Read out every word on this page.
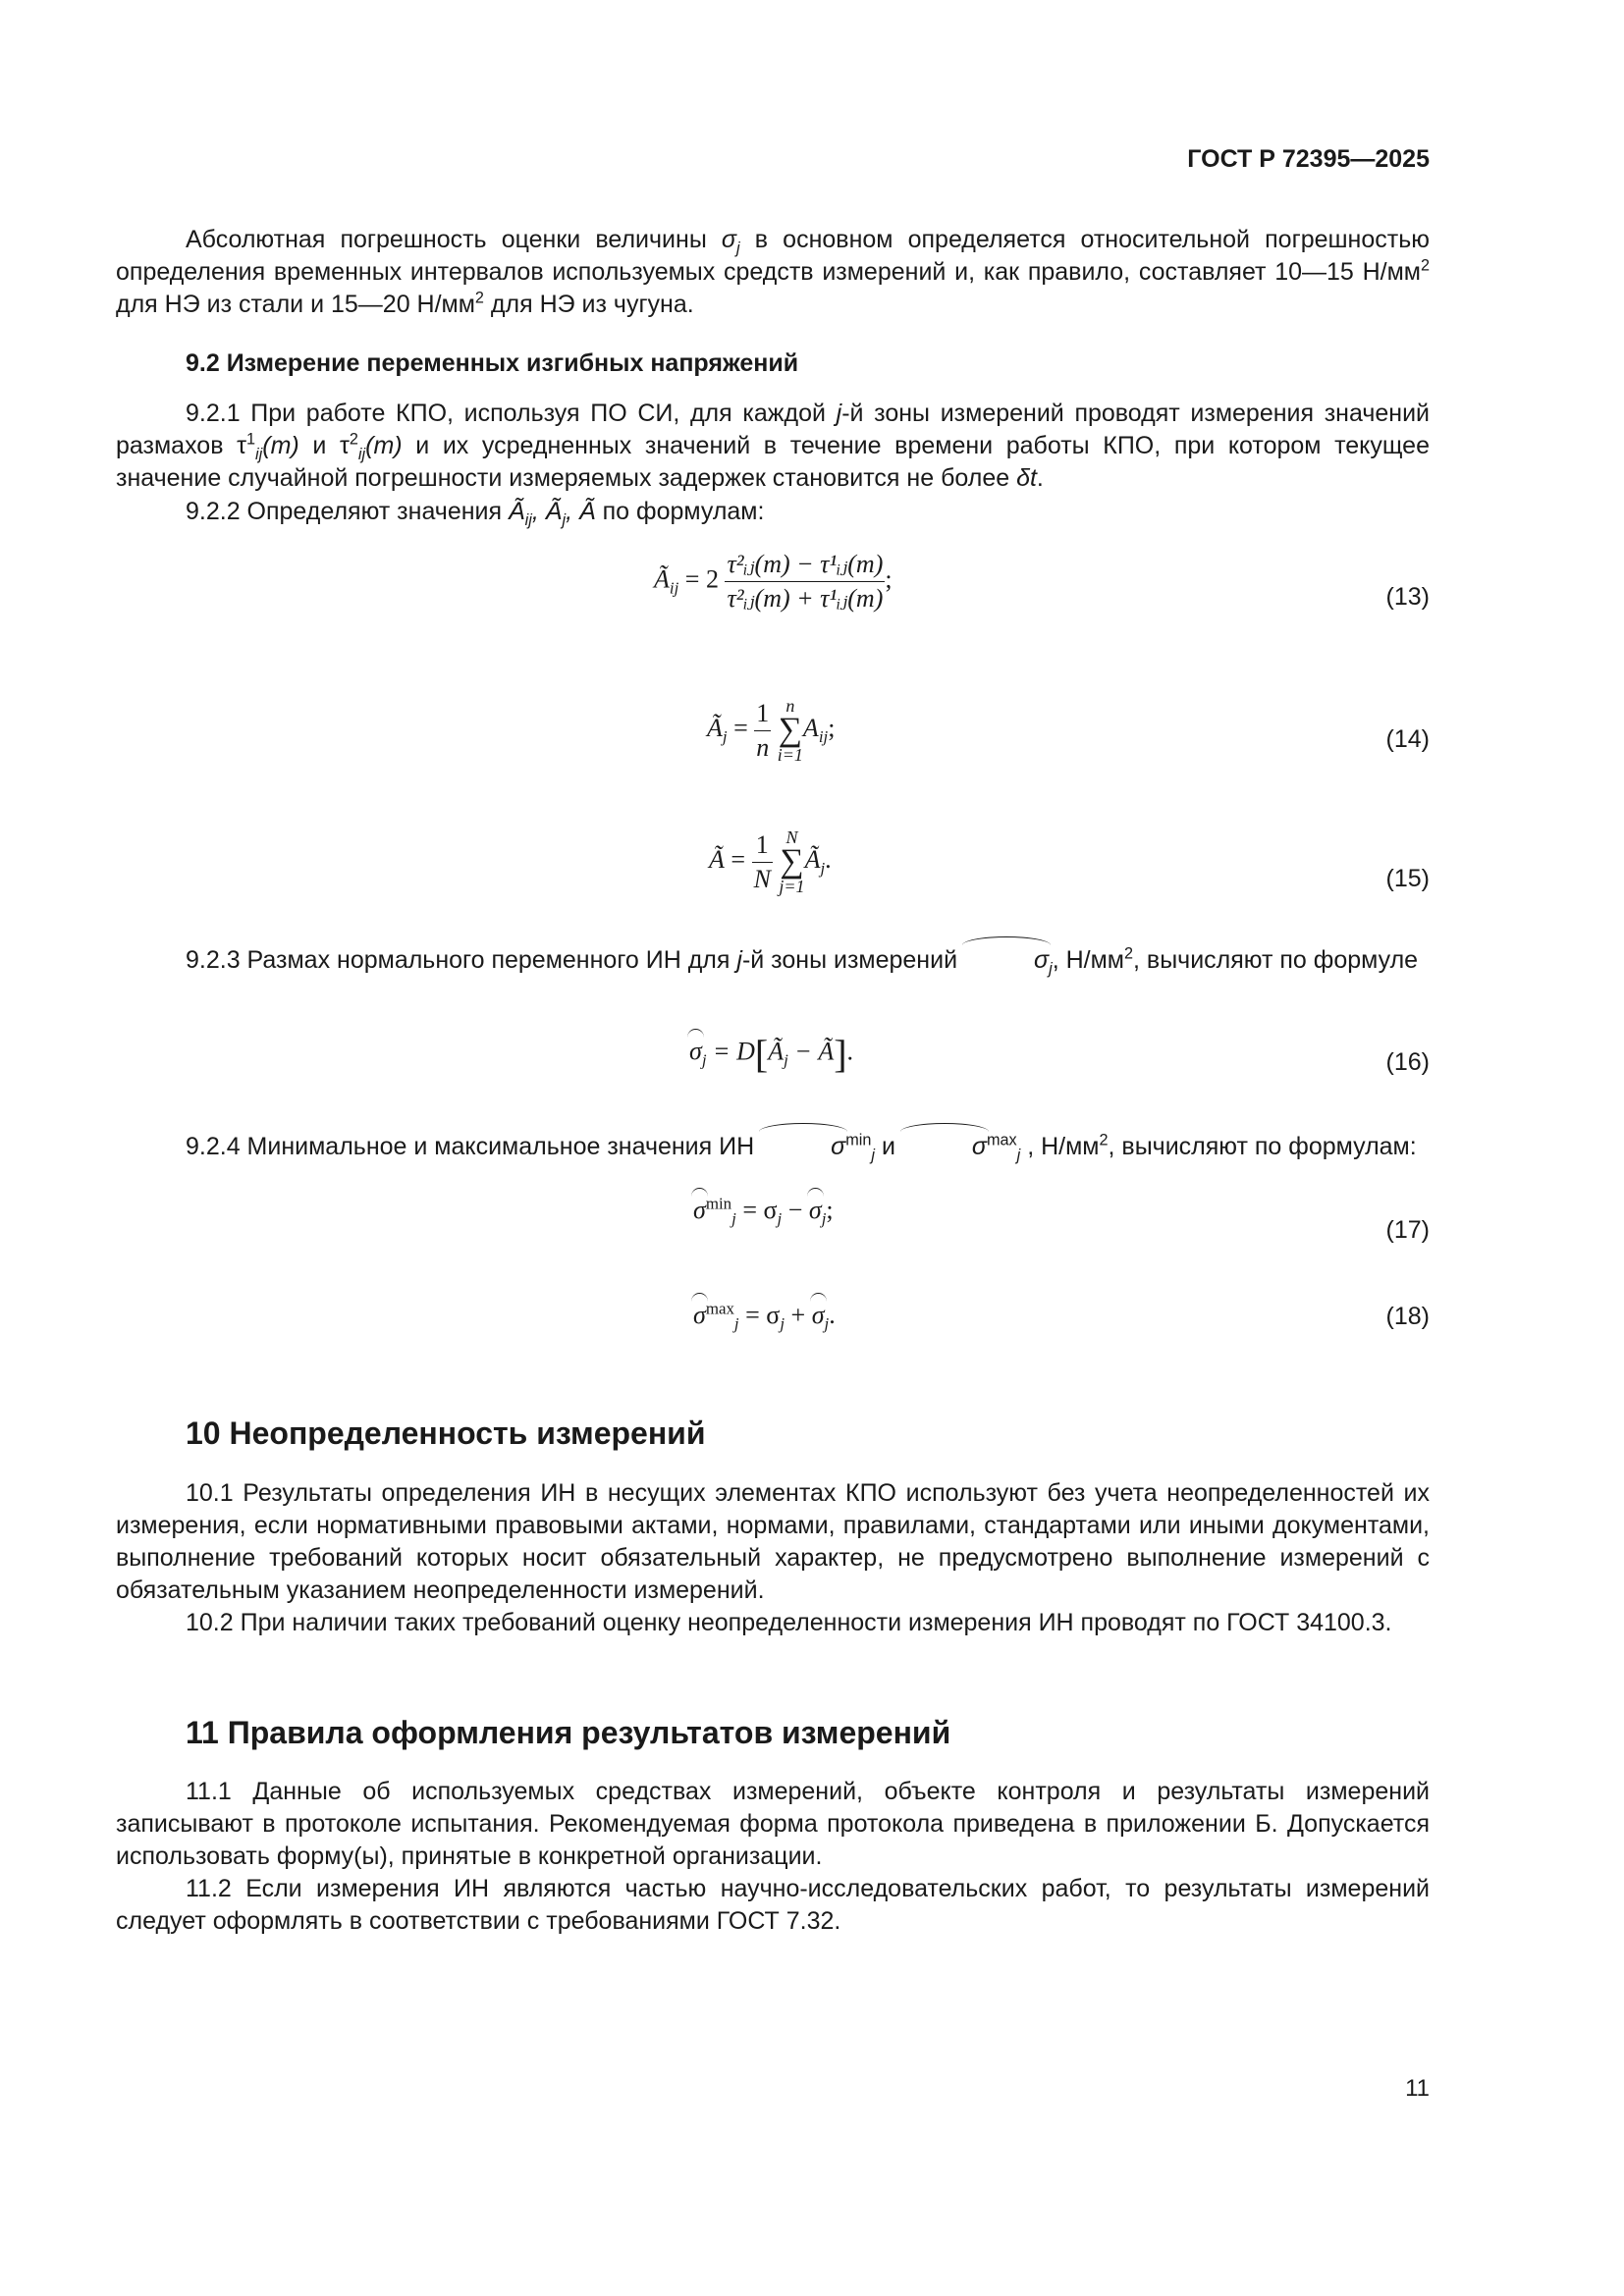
ГОСТ Р 72395—2025

Абсолютная погрешность оценки величины $\sigma_j$ в основном определяется относительной погрешностью определения временных интервалов используемых средств измерений и, как правило, составляет 10—15 $Н/мм^2$ для НЭ из стали и 15—20 $Н/мм^2$ для НЭ из чугуна.

9.2 Измерение переменных изгибных напряжений

9.2.1 При работе КПО, используя ПО СИ, для каждой j-й зоны измерений проводят измерения значений размахов $\tau^1_{ij}(m)$ и $\tau^2_{ij}(m)$ и их усредненных значений в течение времени работы КПО, при котором текущее значение случайной погрешности измеряемых задержек становится не более δt.

9.2.2 Определяют значения $Ã_{ij}$, $Ã_j$, Ã по формулам:

$Ã_{ij} = 2 \frac{\text{τ²ᵢⱼ(m) − τ¹ᵢⱼ(m)}}{\text{τ²ᵢⱼ(m) + τ¹ᵢⱼ(m)}}$ ;
(13)
$Ã_j = \frac{1}{n}$ n
∑
$i=1A_{ij}$;	(14)
Ã = $\frac{1}{N}$ N
∑
$j=1Ã_j$.
(15)

9.2.3 Размах нормального переменного ИН для j-й зоны измерений	$\sigma_j$, $Н/мм^2$, вычисляют по формуле

$\sigma_j$ = $D[Ã_j$ − Ã].	(16)

9.2.4 Минимальное и максимальное значения ИН	$\sigma^{min}_j$ и	$\sigma^{max}_j$ , $Н/мм^2$, вычисляют по формулам:

$\sigma^{min}_j = \sigma_j - \sigma_j$;
(17)
$\sigma^{max}_j = \sigma_j + \sigma_j$.	(18)
10 Неопределенность измерений

10.1 Результаты определения ИН в несущих элементах КПО используют без учета неопределенностей их измерения, если нормативными правовыми актами, нормами, правилами, стандартами или иными документами, выполнение требований которых носит обязательный характер, не предусмотрено выполнение измерений с обязательным указанием неопределенности измерений.

10.2 При наличии таких требований оценку неопределенности измерения ИН проводят по ГОСТ 34100.3.

11 Правила оформления результатов измерений

11.1 Данные об используемых средствах измерений, объекте контроля и результаты измерений записывают в протоколе испытания. Рекомендуемая форма протокола приведена в приложении Б. Допускается использовать форму(ы), принятые в конкретной организации.

11.2 Если измерения ИН являются частью научно-исследовательских работ, то результаты измерений следует оформлять в соответствии с требованиями ГОСТ 7.32.

11
